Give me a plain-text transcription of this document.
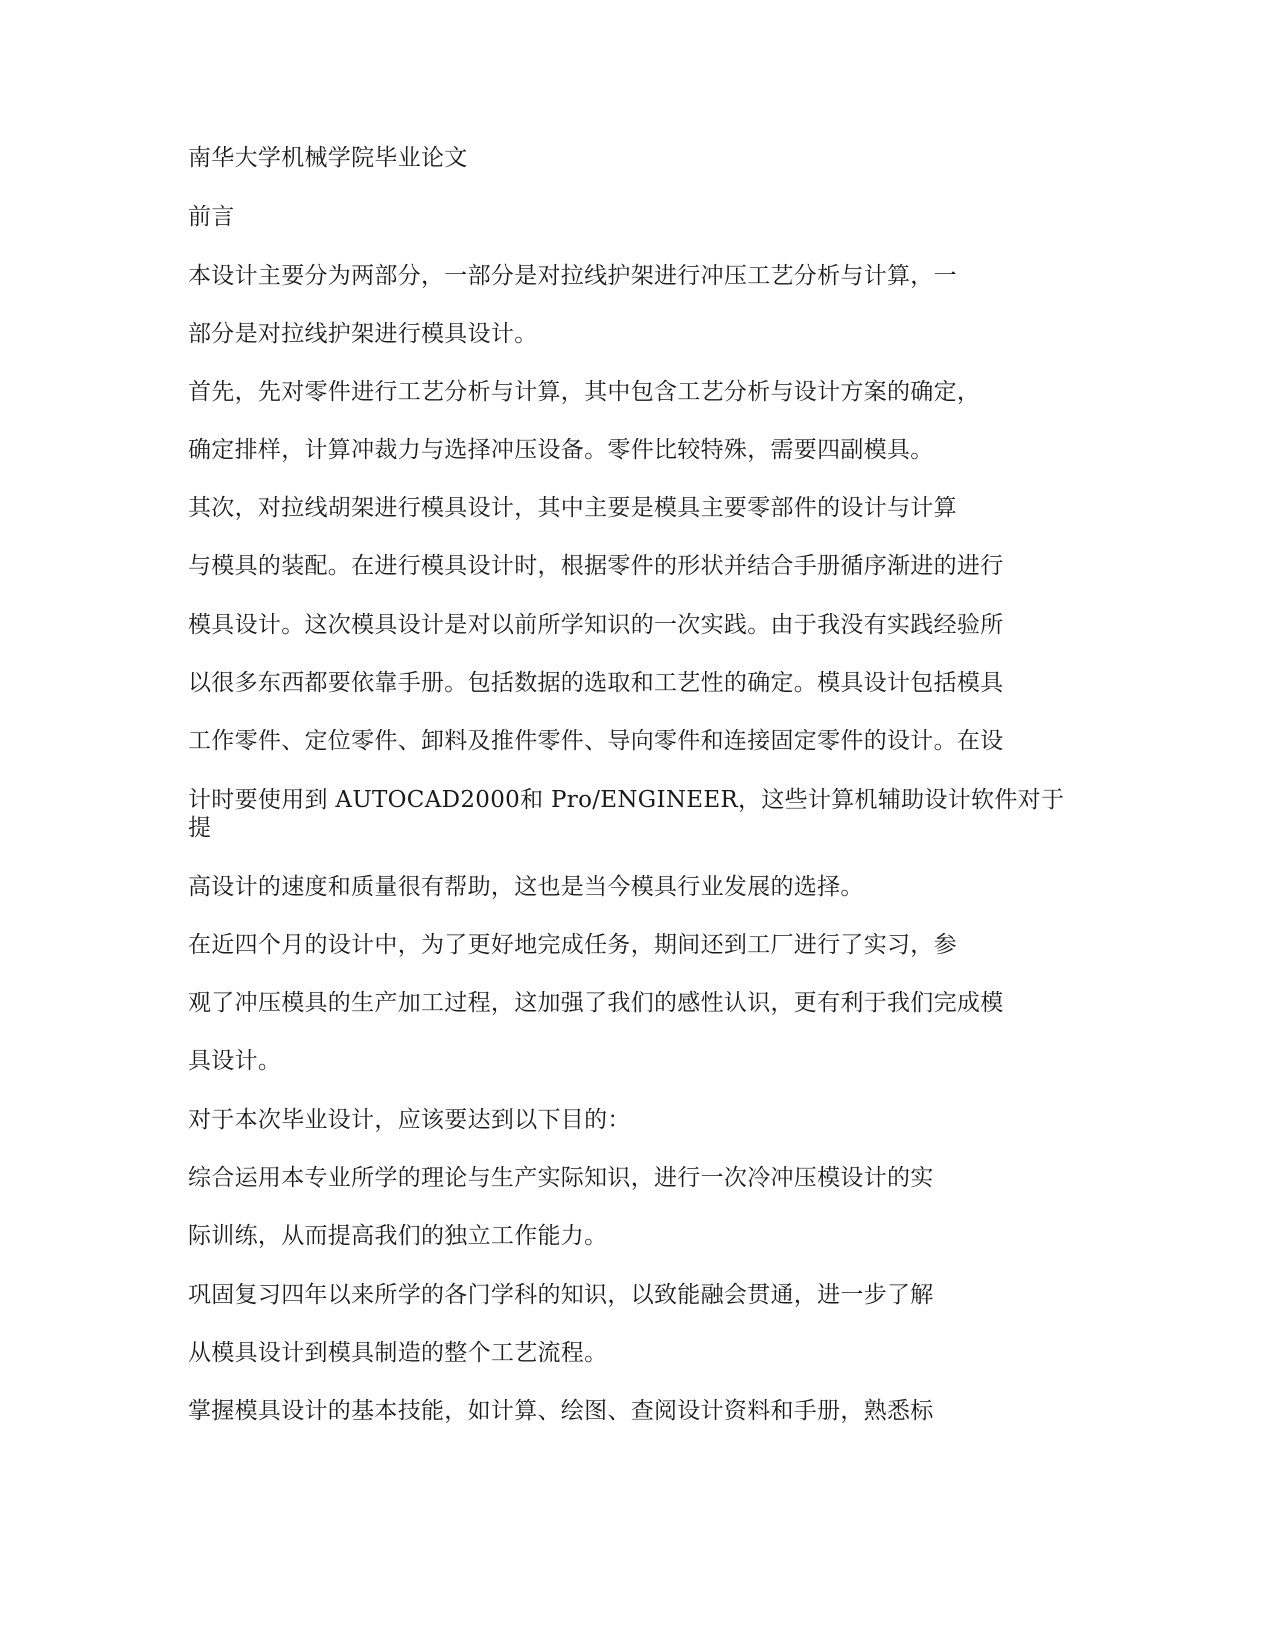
南华大学机械学院毕业论文
前言
本设计主要分为两部分，一部分是对拉线护架进行冲压工艺分析与计算，一
部分是对拉线护架进行模具设计。
首先，先对零件进行工艺分析与计算，其中包含工艺分析与设计方案的确定，
确定排样，计算冲裁力与选择冲压设备。零件比较特殊，需要四副模具。
其次，对拉线胡架进行模具设计，其中主要是模具主要零部件的设计与计算
与模具的装配。在进行模具设计时，根据零件的形状并结合手册循序渐进的进行
模具设计。这次模具设计是对以前所学知识的一次实践。由于我没有实践经验所
以很多东西都要依靠手册。包括数据的选取和工艺性的确定。模具设计包括模具
工作零件、定位零件、卸料及推件零件、导向零件和连接固定零件的设计。在设
计时要使用到 AUTOCAD2000和 Pro/ENGINEER，这些计算机辅助设计软件对于
提
高设计的速度和质量很有帮助，这也是当今模具行业发展的选择。
在近四个月的设计中，为了更好地完成任务，期间还到工厂进行了实习，参
观了冲压模具的生产加工过程，这加强了我们的感性认识，更有利于我们完成模
具设计。
对于本次毕业设计，应该要达到以下目的：
综合运用本专业所学的理论与生产实际知识，进行一次冷冲压模设计的实
际训练，从而提高我们的独立工作能力。
巩固复习四年以来所学的各门学科的知识，以致能融会贯通，进一步了解
从模具设计到模具制造的整个工艺流程。
掌握模具设计的基本技能，如计算、绘图、查阅设计资料和手册，熟悉标
